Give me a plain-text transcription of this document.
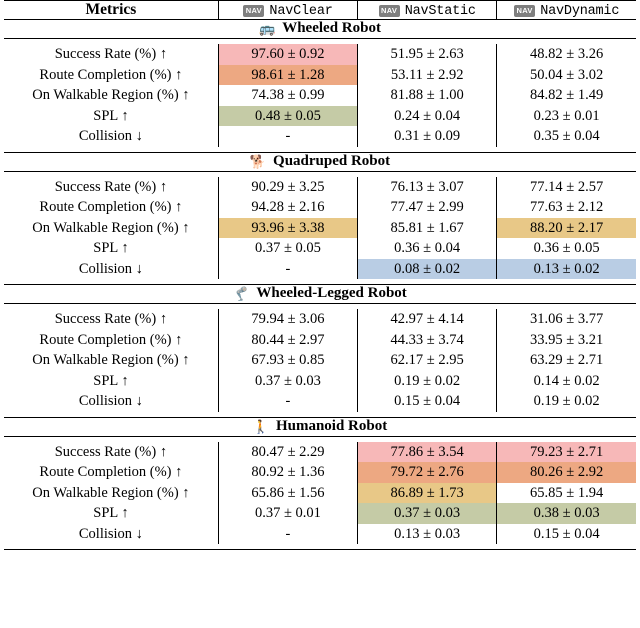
Metrics	NAV NavClear	NAV NavStatic	NAV NavDynamic

🚌 Wheeled Robot			

Success Rate (%) ↑	97.60 ± 0.92	51.95 ± 2.63	48.82 ± 3.26

Route Completion (%) ↑	98.61 ± 1.28	53.11 ± 2.92	50.04 ± 3.02

On Walkable Region (%) ↑	74.38 ± 0.99	81.88 ± 1.00	84.82 ± 1.49

SPL ↑	0.48 ± 0.05	0.24 ± 0.04	0.23 ± 0.01

Collision ↓	-	0.31 ± 0.09	0.35 ± 0.04

🐕 Quadruped Robot			

Success Rate (%) ↑	90.29 ± 3.25	76.13 ± 3.07	77.14 ± 2.57

Route Completion (%) ↑	94.28 ± 2.16	77.47 ± 2.99	77.63 ± 2.12

On Walkable Region (%) ↑	93.96 ± 3.38	85.81 ± 1.67	88.20 ± 2.17

SPL ↑	0.37 ± 0.05	0.36 ± 0.04	0.36 ± 0.05

Collision ↓	-	0.08 ± 0.02	0.13 ± 0.02

🦿 Wheeled-Legged Robot			

Success Rate (%) ↑	79.94 ± 3.06	42.97 ± 4.14	31.06 ± 3.77

Route Completion (%) ↑	80.44 ± 2.97	44.33 ± 3.74	33.95 ± 3.21

On Walkable Region (%) ↑	67.93 ± 0.85	62.17 ± 2.95	63.29 ± 2.71

SPL ↑	0.37 ± 0.03	0.19 ± 0.02	0.14 ± 0.02

Collision ↓	-	0.15 ± 0.04	0.19 ± 0.02

🚶 Humanoid Robot			

Success Rate (%) ↑	80.47 ± 2.29	77.86 ± 3.54	79.23 ± 2.71

Route Completion (%) ↑	80.92 ± 1.36	79.72 ± 2.76	80.26 ± 2.92

On Walkable Region (%) ↑	65.86 ± 1.56	86.89 ± 1.73	65.85 ± 1.94

SPL ↑	0.37 ± 0.01	0.37 ± 0.03	0.38 ± 0.03

Collision ↓	-	0.13 ± 0.03	0.15 ± 0.04
